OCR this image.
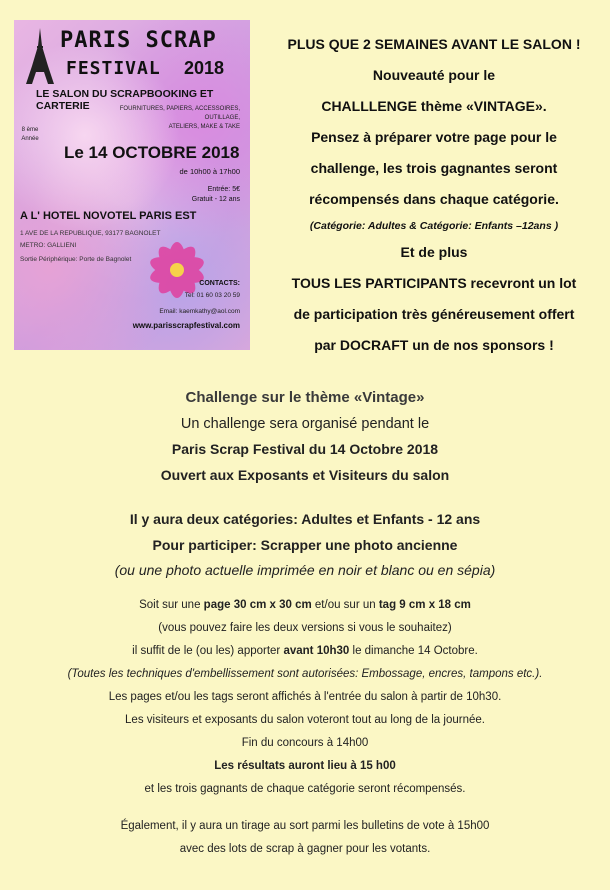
PARIS SCRAP
FESTIVAL 2018
LE SALON DU SCRAPBOOKING ET CARTERIE	FOURNITURES, PAPIERS, ACCESSOIRES, OUTILLAGE,
ATELIERS, MAKE & TAKE
8 ème
Année
Le 14 OCTOBRE 2018
de 10h00 à 17h00
Entrée: 5€
Gratuit - 12 ans
A L' HOTEL NOVOTEL PARIS EST
1 AVE DE LA REPUBLIQUE, 93177 BAGNOLET
METRO: GALLIENI
Sortie Périphérique: Porte de Bagnolet
CONTACTS:
Tel: 01 60 03 20 59
Email: kaemkathy@aol.com
www.parisscrapfestival.com

PLUS QUE 2 SEMAINES AVANT LE SALON !

Nouveauté pour le

CHALLLENGE thème «VINTAGE».

Pensez à préparer votre page pour le

challenge, les trois gagnantes seront

récompensés dans chaque catégorie.

(Catégorie: Adultes & Catégorie: Enfants –12ans )

Et de plus

TOUS LES PARTICIPANTS recevront un lot

de participation très généreusement offert

par DOCRAFT un de nos sponsors !

Challenge sur le thème «Vintage»

Un challenge sera organisé pendant le

Paris Scrap Festival du 14 Octobre 2018

Ouvert aux Exposants et Visiteurs du salon

Il y aura deux catégories: Adultes et Enfants - 12 ans

Pour participer: Scrapper une photo ancienne

(ou une photo actuelle imprimée en noir et blanc ou en sépia)

Soit sur une page 30 cm x 30 cm et/ou sur un tag 9 cm x 18 cm

(vous pouvez faire les deux versions si vous le souhaitez)

il suffit de le (ou les) apporter avant 10h30 le dimanche 14 Octobre.

(Toutes les techniques d'embellissement sont autorisées: Embossage, encres, tampons etc.).

Les pages et/ou les tags seront affichés à l'entrée du salon à partir de 10h30.

Les visiteurs et exposants du salon voteront tout au long de la journée.

Fin du concours à 14h00

Les résultats auront lieu à 15 h00

et les trois gagnants de chaque catégorie seront récompensés.

Également, il y aura un tirage au sort parmi les bulletins de vote à 15h00

avec des lots de scrap à gagner pour les votants.
